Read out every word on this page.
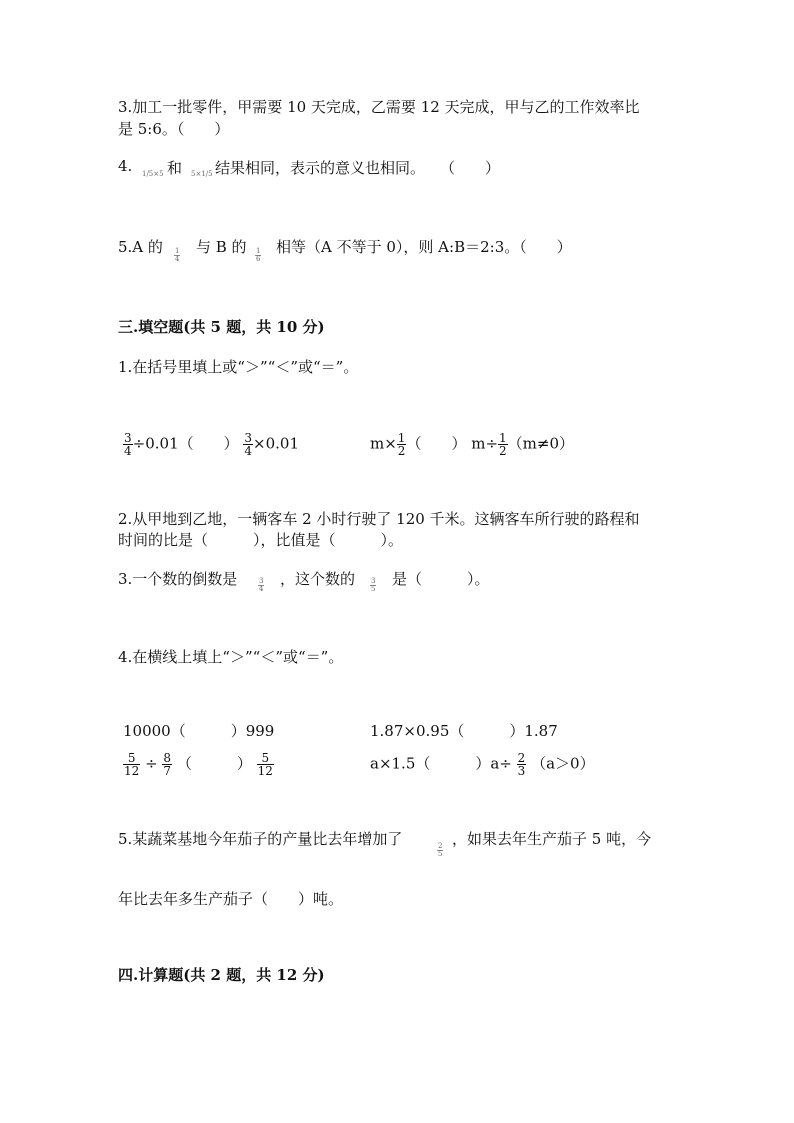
3.加工一批零件，甲需要 10 天完成，乙需要 12 天完成，甲与乙的工作效率比
是 5:6。（　　）
4. 1/5×5 和 5×1/5 结果相同，表示的意义也相同。　　（　　）
5.A 的 $\frac{1}{4}$ 与 B 的 $\frac{1}{6}$ 相等（A 不等于 0），则 A:B＝2:3。（　　）
三.填空题(共 5 题，共 10 分)
1.在括号里填上或“＞”“＜”或“＝”。
$\frac{3}{4} \div 0.01$（　　） $\frac{3}{4} \times 0.01$	$m\times \frac{1}{2}$ （　　） $m\div \frac{1}{2} (m\ne 0)$
2.从甲地到乙地，一辆客车 2 小时行驶了 120 千米。这辆客车所行驶的路程和
时间的比是（　　　），比值是（　　　）。
3.一个数的倒数是	$\frac{3}{4}$ ，这个数的 $\frac{3}{5}$ 是（　　　）。
4.在横线上填上“＞”“＜”或“＝”。
10000（　　　）999	1.87×0.95（　　　）1.87
$\frac{5}{12} \div \frac{8}{7}$ （　　　） $\frac{5}{12}$	a×1.5（　　　）$a\div \frac{2}{3} (a>0)$
5.某蔬菜基地今年茄子的产量比去年增加了
$\frac{2}{5}$
，如果去年生产茄子 5 吨，今
年比去年多生产茄子（　　）吨。
四.计算题(共 2 题，共 12 分)
